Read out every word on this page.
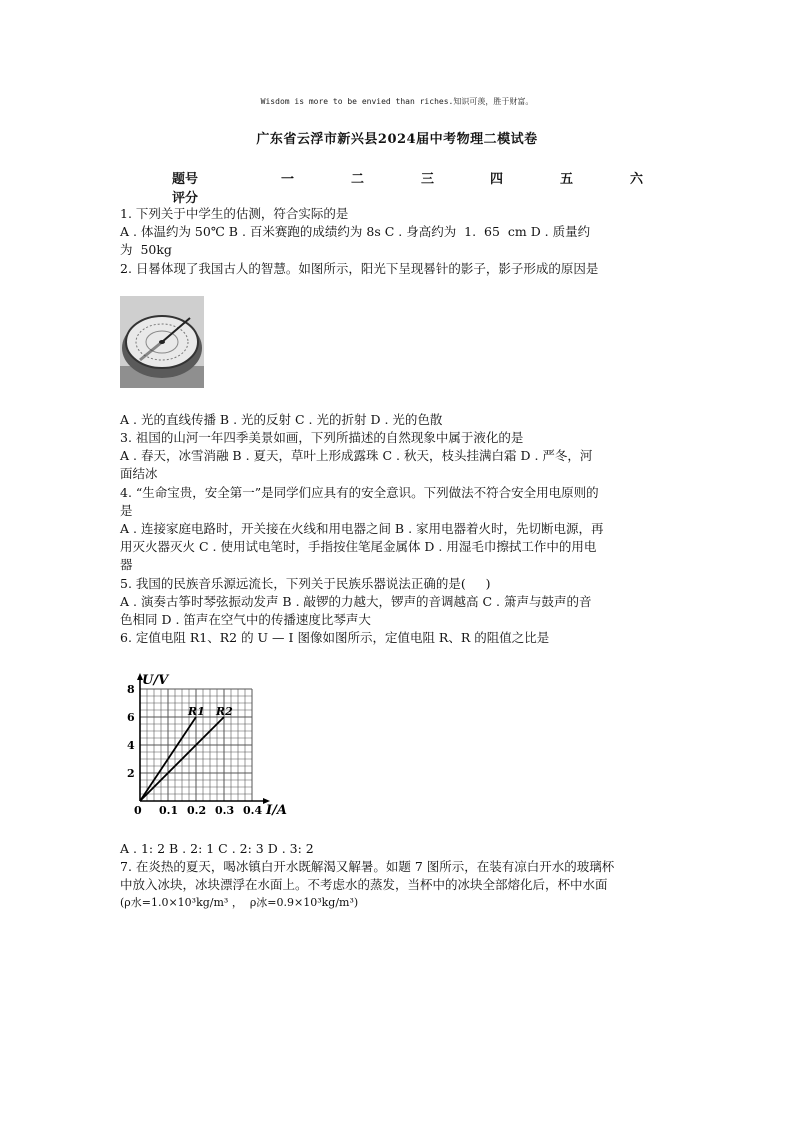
Wisdom is more to be envied than riches.知识可羡，胜于财富。
广东省云浮市新兴县2024届中考物理二模试卷
题号	一	二	三	四	五	六
评分
1. 下列关于中学生的估测，符合实际的是
A . 体温约为 50℃ B . 百米赛跑的成绩约为 8s C . 身高约为  1.  65  cm D . 质量约
为  50kg
2. 日晷体现了我国古人的智慧。如图所示，阳光下呈现晷针的影子，影子形成的原因是
A . 光的直线传播 B . 光的反射 C . 光的折射 D . 光的色散
3. 祖国的山河一年四季美景如画，下列所描述的自然现象中属于液化的是
A . 春天，冰雪消融 B . 夏天，草叶上形成露珠 C . 秋天，枝头挂满白霜 D . 严冬，河
面结冰
4. “生命宝贵，安全第一”是同学们应具有的安全意识。下列做法不符合安全用电原则的
是
A . 连接家庭电路时，开关接在火线和用电器之间 B . 家用电器着火时，先切断电源，再
用灭火器灭火 C . 使用试电笔时，手指按住笔尾金属体 D . 用湿毛巾擦拭工作中的用电
器
5. 我国的民族音乐源远流长，下列关于民族乐器说法正确的是(     )
A . 演奏古筝时琴弦振动发声 B . 敲锣的力越大，锣声的音调越高 C . 箫声与鼓声的音
色相同 D . 笛声在空气中的传播速度比琴声大
6. 定值电阻 R1、R2 的 U — I 图像如图所示，定值电阻 R、R 的阻值之比是
R1 R2
0 0.1 0.2 0.3 0.4
2
4
6
8
U/V
I/A
A . 1: 2 B . 2: 1 C . 2: 3 D . 3: 2
7. 在炎热的夏天，喝冰镇白开水既解渴又解暑。如题 7 图所示，在装有凉白开水的玻璃杯
中放入冰块，冰块漂浮在水面上。不考虑水的蒸发，当杯中的冰块全部熔化后，杯中水面
(ρ水=1.0×10³kg/m³ ， ρ冰=0.9×10³kg/m³)
